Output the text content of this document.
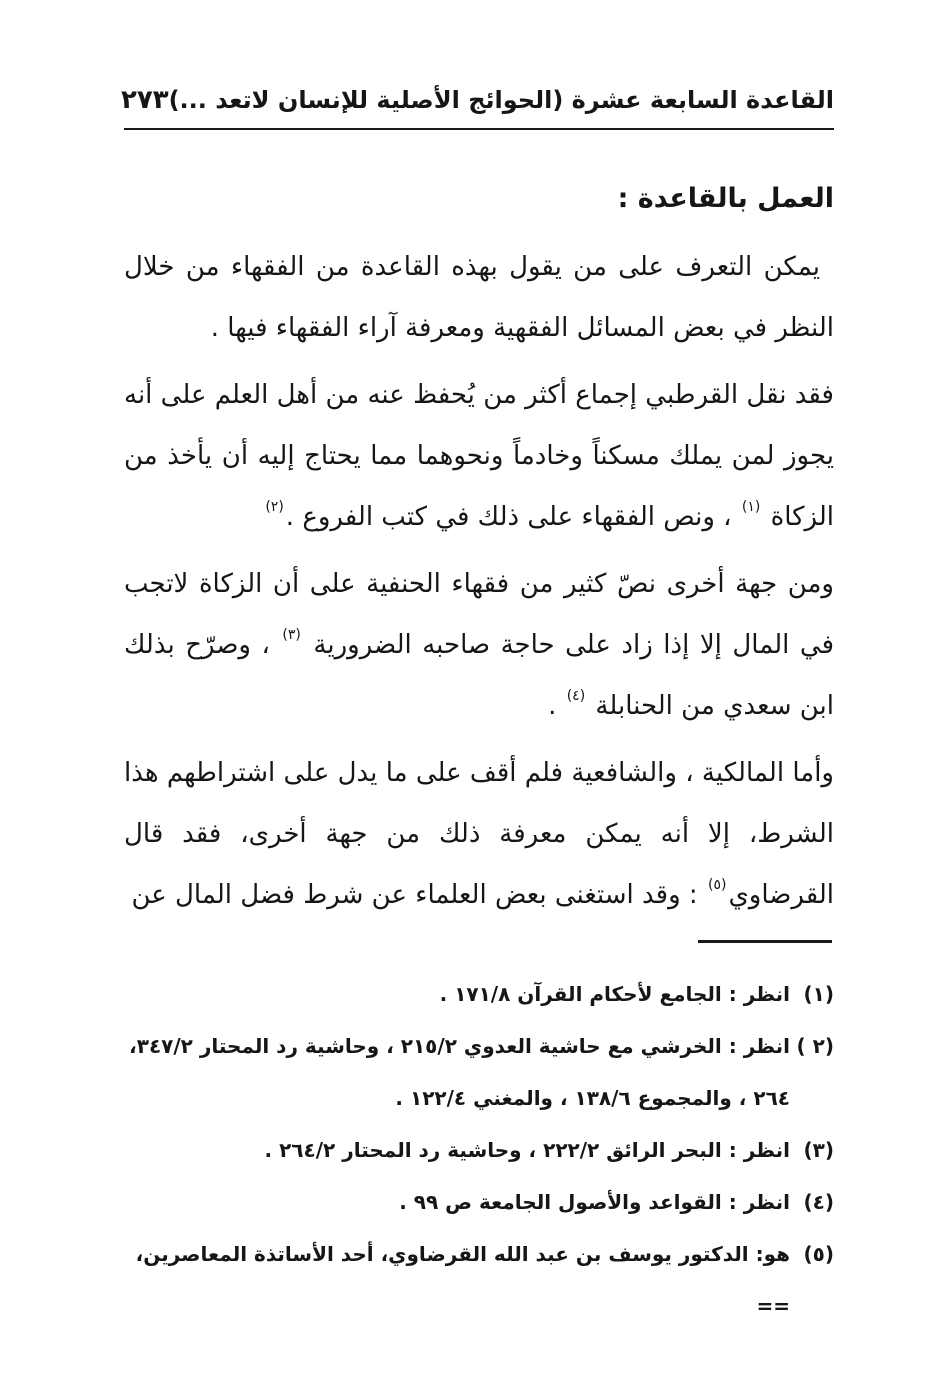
القاعدة السابعة عشرة (الحوائج الأصلية للإنسان لاتعد ...)
٢٧٣

العمل بالقاعدة :

يمكن التعرف على من يقول بهذه القاعدة من الفقهاء من خلال النظر في بعض المسائل الفقهية ومعرفة آراء الفقهاء فيها .

فقد نقل القرطبي إجماع أكثر من يُحفظ عنه من أهل العلم على أنه يجوز لمن يملك مسكناً وخادماً ونحوهما مما يحتاج إليه أن يأخذ من الزكاة $^{(١)}$ ، ونص الفقهاء على ذلك في كتب الفروع .$^{(٢)}$

ومن جهة أخرى نصّ كثير من فقهاء الحنفية على أن الزكاة لاتجب في المال إلا إذا زاد على حاجة صاحبه الضرورية $^{(٣)}$ ، وصرّح بذلك ابن سعدي من الحنابلة $^{(٤)}$ .

وأما المالكية ، والشافعية فلم أقف على ما يدل على اشتراطهم هذا الشرط، إلا أنه يمكن معرفة ذلك من جهة أخرى، فقد قال القرضاوي$^{(٥)}$ : وقد استغنى بعض العلماء عن شرط فضل المال عن

(١)
انظر : الجامع لأحكام القرآن ١٧١/٨ .

(٢ )
انظر : الخرشي مع حاشية العدوي ٢١٥/٢ ، وحاشية رد المحتار ٣٤٧/٢، ٢٦٤ ، والمجموع ١٣٨/٦ ، والمغني ١٢٢/٤ .

(٣)
انظر : البحر الرائق ٢٢٢/٢ ، وحاشية رد المحتار ٢٦٤/٢ .

(٤)
انظر : القواعد والأصول الجامعة ص ٩٩ .

(٥)
هو: الدكتور يوسف بن عبد الله القرضاوي، أحد الأساتذة المعاصرين، ==
